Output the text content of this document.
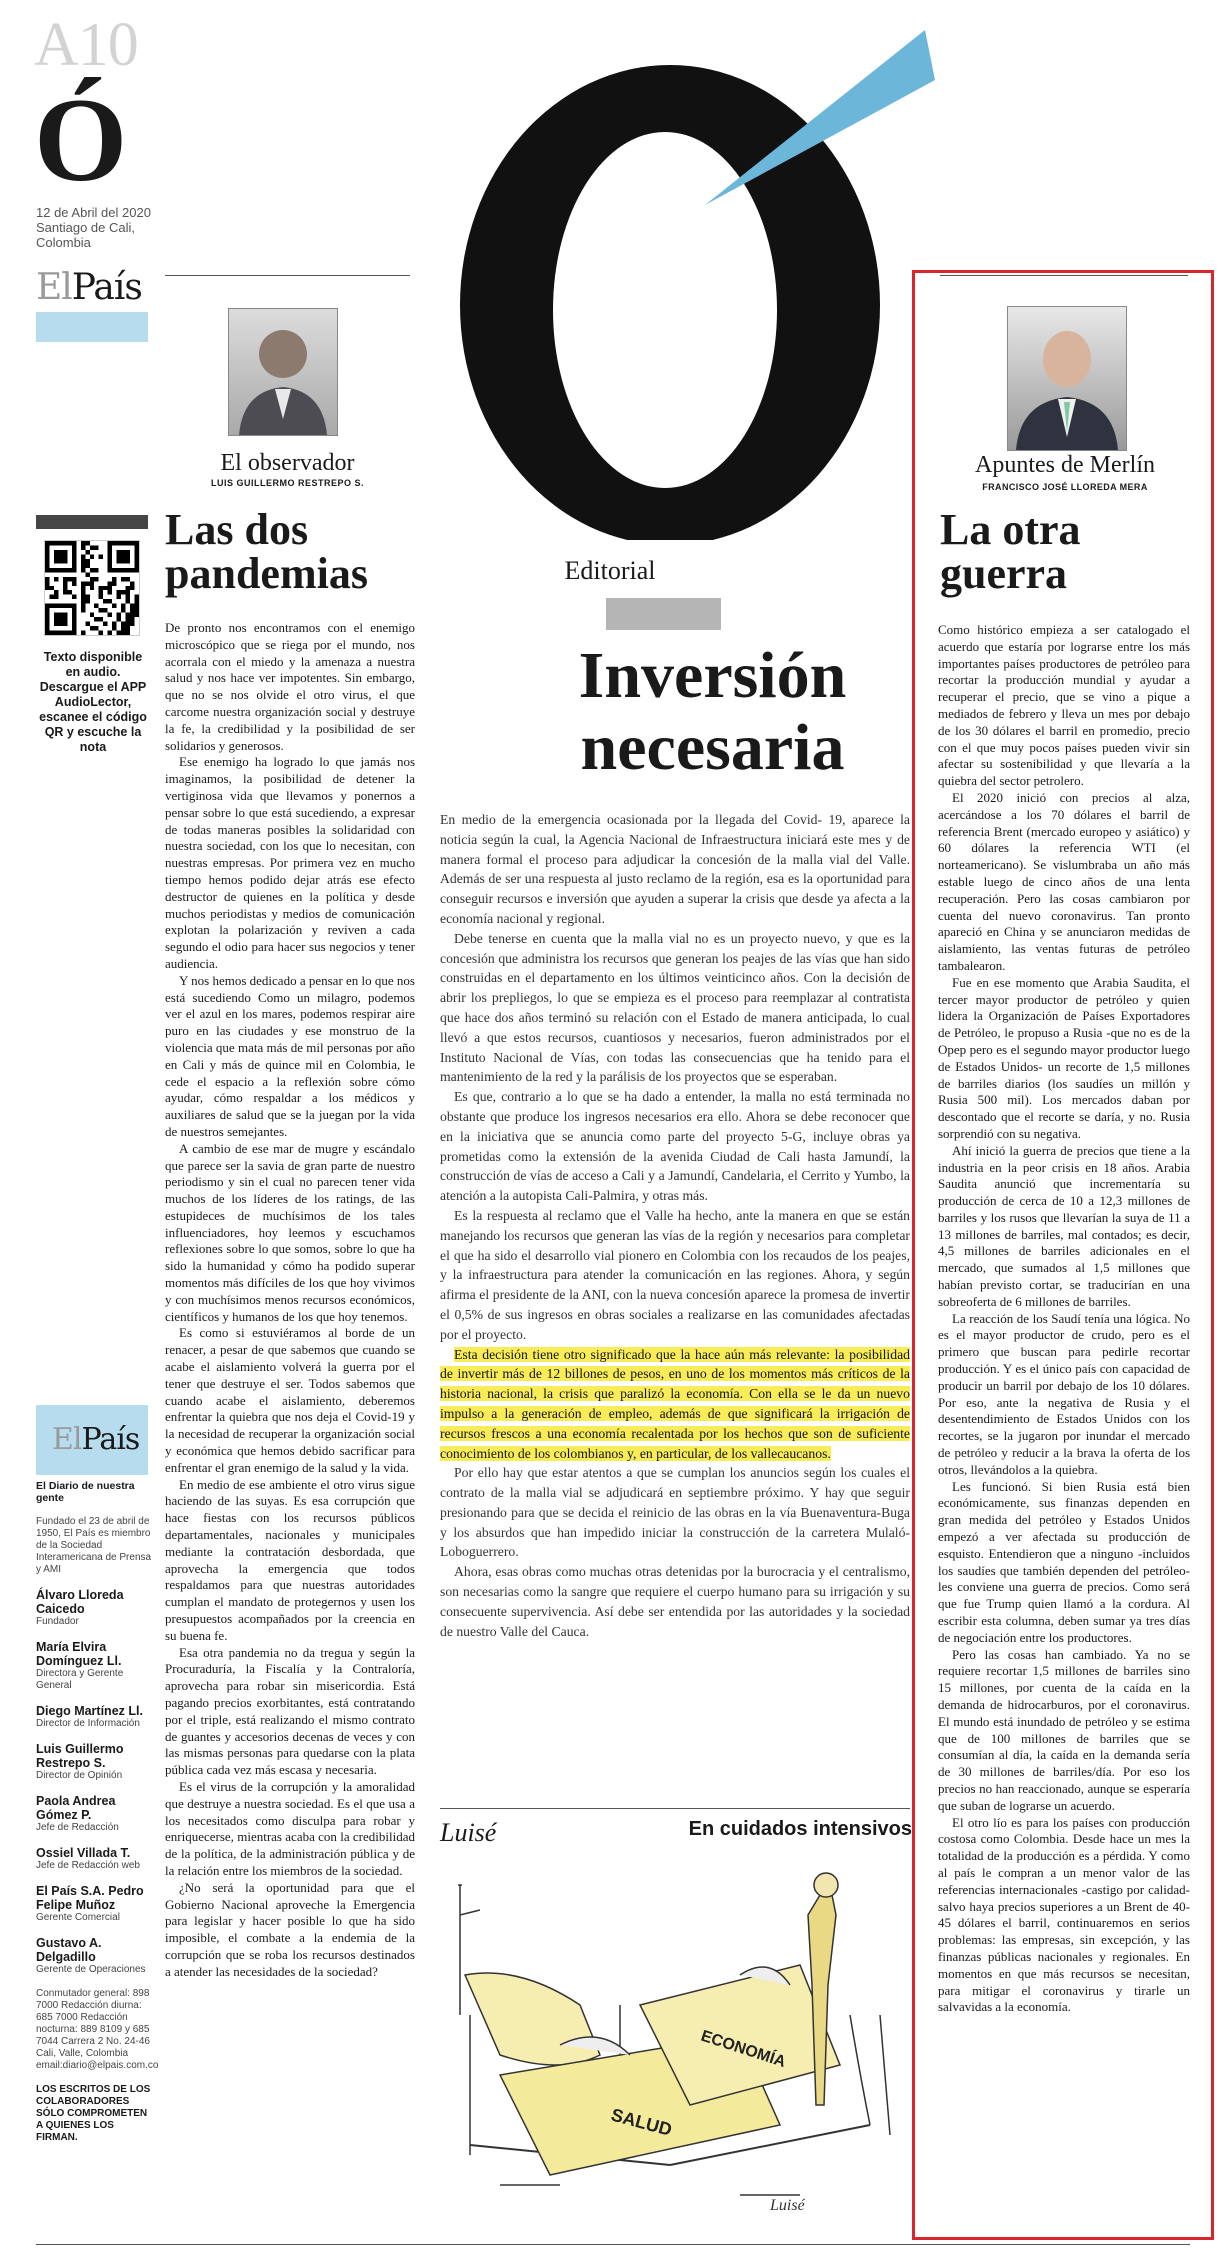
A10
Ó
12 de Abril del 2020 Santiago de Cali, Colombia
ElPaís
Texto disponible en audio. Descargue el APP AudioLector, escanee el código QR y escuche la nota
ElPaís
El Diario de nuestra gente
Fundado el 23 de abril de 1950, El País es miembro de la Sociedad Interamericana de Prensa y AMI
Álvaro Lloreda Caicedo
Fundador
María Elvira Domínguez Ll.
Directora y Gerente General
Diego Martínez Ll.
Director de Información
Luis Guillermo Restrepo S.
Director de Opinión
Paola Andrea Gómez P.
Jefe de Redacción
Ossiel Villada T.
Jefe de Redacción web
El País S.A. Pedro Felipe Muñoz
Gerente Comercial
Gustavo A. Delgadillo
Gerente de Operaciones
Conmutador general: 898 7000 Redacción diurna: 685 7000 Redacción nocturna: 889 8109 y 685 7044 Carrera 2 No. 24-46 Cali, Valle, Colombia email:diario@elpais.com.co
LOS ESCRITOS DE LOS COLABORADORES SÓLO COMPROMETEN A QUIENES LOS FIRMAN.
El observador
LUIS GUILLERMO RESTREPO S.
Las dos pandemias

De pronto nos encontramos con el enemigo microscópico que se riega por el mundo, nos acorrala con el miedo y la amenaza a nuestra salud y nos hace ver impotentes. Sin embargo, que no se nos olvide el otro virus, el que carcome nuestra organización social y destruye la fe, la credibilidad y la posibilidad de ser solidarios y generosos.

Ese enemigo ha logrado lo que jamás nos imaginamos, la posibilidad de detener la vertiginosa vida que llevamos y ponernos a pensar sobre lo que está sucediendo, a expresar de todas maneras posibles la solidaridad con nuestra sociedad, con los que lo necesitan, con nuestras empresas. Por primera vez en mucho tiempo hemos podido dejar atrás ese efecto destructor de quienes en la política y desde muchos periodistas y medios de comunicación explotan la polarización y reviven a cada segundo el odio para hacer sus negocios y tener audiencia.

Y nos hemos dedicado a pensar en lo que nos está sucediendo Como un milagro, podemos ver el azul en los mares, podemos respirar aire puro en las ciudades y ese monstruo de la violencia que mata más de mil personas por año en Cali y más de quince mil en Colombia, le cede el espacio a la reflexión sobre cómo ayudar, cómo respaldar a los médicos y auxiliares de salud que se la juegan por la vida de nuestros semejantes.

A cambio de ese mar de mugre y escándalo que parece ser la savia de gran parte de nuestro periodismo y sin el cual no parecen tener vida muchos de los líderes de los ratings, de las estupideces de muchísimos de los tales influenciadores, hoy leemos y escuchamos reflexiones sobre lo que somos, sobre lo que ha sido la humanidad y cómo ha podido superar momentos más difíciles de los que hoy vivimos y con muchísimos menos recursos económicos, científicos y humanos de los que hoy tenemos.

Es como si estuviéramos al borde de un renacer, a pesar de que sabemos que cuando se acabe el aislamiento volverá la guerra por el tener que destruye el ser. Todos sabemos que cuando acabe el aislamiento, deberemos enfrentar la quiebra que nos deja el Covid-19 y la necesidad de recuperar la organización social y económica que hemos debido sacrificar para enfrentar el gran enemigo de la salud y la vida.

En medio de ese ambiente el otro virus sigue haciendo de las suyas. Es esa corrupción que hace fiestas con los recursos públicos departamentales, nacionales y municipales mediante la contratación desbordada, que aprovecha la emergencia que todos respaldamos para que nuestras autoridades cumplan el mandato de protegernos y usen los presupuestos acompañados por la creencia en su buena fe.

Esa otra pandemia no da tregua y según la Procuraduría, la Fiscalía y la Contraloría, aprovecha para robar sin misericordia. Está pagando precios exorbitantes, está contratando por el triple, está realizando el mismo contrato de guantes y accesorios decenas de veces y con las mismas personas para quedarse con la plata pública cada vez más escasa y necesaria.

Es el virus de la corrupción y la amoralidad que destruye a nuestra sociedad. Es el que usa a los necesitados como disculpa para robar y enriquecerse, mientras acaba con la credibilidad de la política, de la administración pública y de la relación entre los miembros de la sociedad.

¿No será la oportunidad para que el Gobierno Nacional aproveche la Emergencia para legislar y hacer posible lo que ha sido imposible, el combate a la endemia de la corrupción que se roba los recursos destinados a atender las necesidades de la sociedad?

Editorial
Inversión necesaria

En medio de la emergencia ocasionada por la llegada del Covid- 19, aparece la noticia según la cual, la Agencia Nacional de Infraestructura iniciará este mes y de manera formal el proceso para adjudicar la concesión de la malla vial del Valle. Además de ser una respuesta al justo reclamo de la región, esa es la oportunidad para conseguir recursos e inversión que ayuden a superar la crisis que desde ya afecta a la economía nacional y regional.

Debe tenerse en cuenta que la malla vial no es un proyecto nuevo, y que es la concesión que administra los recursos que generan los peajes de las vías que han sido construidas en el departamento en los últimos veinticinco años. Con la decisión de abrir los prepliegos, lo que se empieza es el proceso para reemplazar al contratista que hace dos años terminó su relación con el Estado de manera anticipada, lo cual llevó a que estos recursos, cuantiosos y necesarios, fueron administrados por el Instituto Nacional de Vías, con todas las consecuencias que ha tenido para el mantenimiento de la red y la parálisis de los proyectos que se esperaban.

Es que, contrario a lo que se ha dado a entender, la malla no está terminada no obstante que produce los ingresos necesarios era ello. Ahora se debe reconocer que en la iniciativa que se anuncia como parte del proyecto 5-G, incluye obras ya prometidas como la extensión de la avenida Ciudad de Cali hasta Jamundí, la construcción de vías de acceso a Cali y a Jamundí, Candelaria, el Cerrito y Yumbo, la atención a la autopista Cali-Palmira, y otras más.

Es la respuesta al reclamo que el Valle ha hecho, ante la manera en que se están manejando los recursos que generan las vías de la región y necesarios para completar el que ha sido el desarrollo vial pionero en Colombia con los recaudos de los peajes, y la infraestructura para atender la comunicación en las regiones. Ahora, y según afirma el presidente de la ANI, con la nueva concesión aparece la promesa de invertir el 0,5% de sus ingresos en obras sociales a realizarse en las comunidades afectadas por el proyecto.

Esta decisión tiene otro significado que la hace aún más relevante: la posibilidad de invertir más de 12 billones de pesos, en uno de los momentos más críticos de la historia nacional, la crisis que paralizó la economía. Con ella se le da un nuevo impulso a la generación de empleo, además de que significará la irrigación de recursos frescos a una economía recalentada por los hechos que son de suficiente conocimiento de los colombianos y, en particular, de los vallecaucanos.

Por ello hay que estar atentos a que se cumplan los anuncios según los cuales el contrato de la malla vial se adjudicará en septiembre próximo. Y hay que seguir presionando para que se decida el reinicio de las obras en la vía Buenaventura-Buga y los absurdos que han impedido iniciar la construcción de la carretera Mulaló-Loboguerrero.

Ahora, esas obras como muchas otras detenidas por la burocracia y el centralismo, son necesarias como la sangre que requiere el cuerpo humano para su irrigación y su consecuente supervivencia. Así debe ser entendida por las autoridades y la sociedad de nuestro Valle del Cauca.

Luisé	En cuidados intensivos
SALUD
ECONOMÍA
Luisé
Apuntes de Merlín
FRANCISCO JOSÉ LLOREDA MERA
La otra guerra

Como histórico empieza a ser catalogado el acuerdo que estaría por lograrse entre los más importantes países productores de petróleo para recortar la producción mundial y ayudar a recuperar el precio, que se vino a pique a mediados de febrero y lleva un mes por debajo de los 30 dólares el barril en promedio, precio con el que muy pocos países pueden vivir sin afectar su sostenibilidad y que llevaría a la quiebra del sector petrolero.

El 2020 inició con precios al alza, acercándose a los 70 dólares el barril de referencia Brent (mercado europeo y asiático) y 60 dólares la referencia WTI (el norteamericano). Se vislumbraba un año más estable luego de cinco años de una lenta recuperación. Pero las cosas cambiaron por cuenta del nuevo coronavirus. Tan pronto apareció en China y se anunciaron medidas de aislamiento, las ventas futuras de petróleo tambalearon.

Fue en ese momento que Arabia Saudita, el tercer mayor productor de petróleo y quien lidera la Organización de Países Exportadores de Petróleo, le propuso a Rusia -que no es de la Opep pero es el segundo mayor productor luego de Estados Unidos- un recorte de 1,5 millones de barriles diarios (los saudíes un millón y Rusia 500 mil). Los mercados daban por descontado que el recorte se daría, y no. Rusia sorprendió con su negativa.

Ahí inició la guerra de precios que tiene a la industria en la peor crisis en 18 años. Arabia Saudita anunció que incrementaría su producción de cerca de 10 a 12,3 millones de barriles y los rusos que llevarían la suya de 11 a 13 millones de barriles, mal contados; es decir, 4,5 millones de barriles adicionales en el mercado, que sumados al 1,5 millones que habían previsto cortar, se traducirían en una sobreoferta de 6 millones de barriles.

La reacción de los Saudí tenía una lógica. No es el mayor productor de crudo, pero es el primero que buscan para pedirle recortar producción. Y es el único país con capacidad de producir un barril por debajo de los 10 dólares. Por eso, ante la negativa de Rusia y el desentendimiento de Estados Unidos con los recortes, se la jugaron por inundar el mercado de petróleo y reducir a la brava la oferta de los otros, llevándolos a la quiebra.

Les funcionó. Si bien Rusia está bien económicamente, sus finanzas dependen en gran medida del petróleo y Estados Unidos empezó a ver afectada su producción de esquisto. Entendieron que a ninguno -incluidos los saudíes que también dependen del petróleo- les conviene una guerra de precios. Como será que fue Trump quien llamó a la cordura. Al escribir esta columna, deben sumar ya tres días de negociación entre los productores.

Pero las cosas han cambiado. Ya no se requiere recortar 1,5 millones de barriles sino 15 millones, por cuenta de la caída en la demanda de hidrocarburos, por el coronavirus. El mundo está inundado de petróleo y se estima que de 100 millones de barriles que se consumían al día, la caída en la demanda sería de 30 millones de barriles/día. Por eso los precios no han reaccionado, aunque se esperaría que suban de lograrse un acuerdo.

El otro lío es para los países con producción costosa como Colombia. Desde hace un mes la totalidad de la producción es a pérdida. Y como al país le compran a un menor valor de las referencias internacionales -castigo por calidad- salvo haya precios superiores a un Brent de 40-45 dólares el barril, continuaremos en serios problemas: las empresas, sin excepción, y las finanzas públicas nacionales y regionales. En momentos en que más recursos se necesitan, para mitigar el coronavirus y tirarle un salvavidas a la economía.
